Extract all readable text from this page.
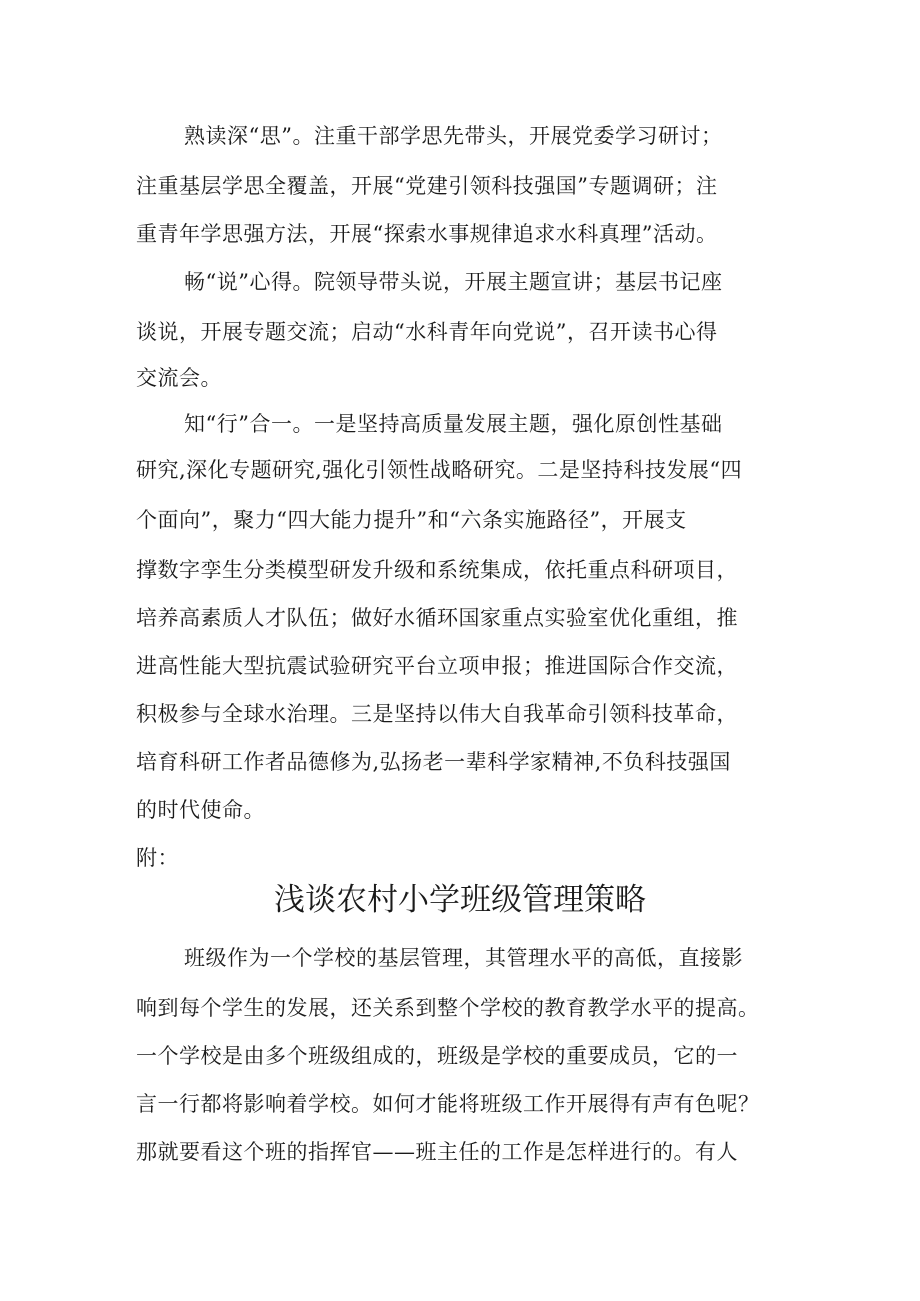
熟读深“思”。注重干部学思先带头，开展党委学习研讨；
注重基层学思全覆盖，开展“党建引领科技强国”专题调研；注
重青年学思强方法，开展“探索水事规律追求水科真理”活动。
畅“说”心得。院领导带头说，开展主题宣讲；基层书记座
谈说，开展专题交流；启动“水科青年向党说”，召开读书心得
交流会。
知“行”合一。一是坚持高质量发展主题，强化原创性基础
研究,深化专题研究,强化引领性战略研究。二是坚持科技发展“四
个面向”，聚力“四大能力提升”和“六条实施路径”，开展支
撑数字孪生分类模型研发升级和系统集成，依托重点科研项目，
培养高素质人才队伍；做好水循环国家重点实验室优化重组，推
进高性能大型抗震试验研究平台立项申报；推进国际合作交流，
积极参与全球水治理。三是坚持以伟大自我革命引领科技革命，
培育科研工作者品德修为,弘扬老一辈科学家精神,不负科技强国
的时代使命。
附：
浅谈农村小学班级管理策略
班级作为一个学校的基层管理，其管理水平的高低，直接影
响到每个学生的发展，还关系到整个学校的教育教学水平的提高。
一个学校是由多个班级组成的，班级是学校的重要成员，它的一
言一行都将影响着学校。如何才能将班级工作开展得有声有色呢？
那就要看这个班的指挥官——班主任的工作是怎样进行的。有人
